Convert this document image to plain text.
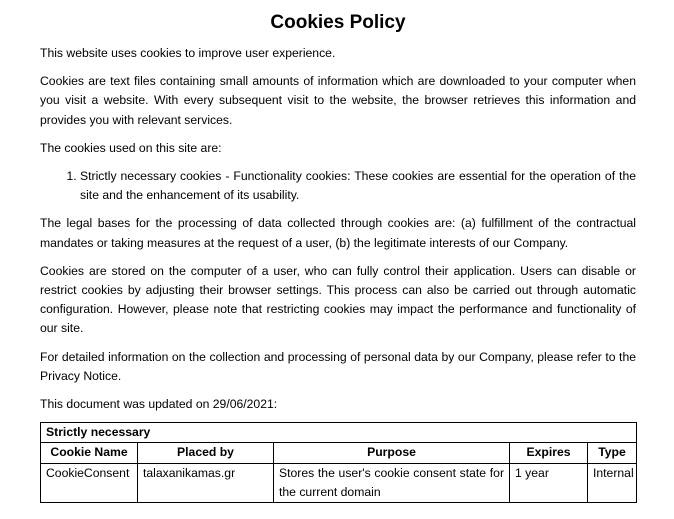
Cookies Policy

This website uses cookies to improve user experience.

Cookies are text files containing small amounts of information which are downloaded to your computer when you visit a website. With every subsequent visit to the website, the browser retrieves this information and provides you with relevant services.

The cookies used on this site are:

1. Strictly necessary cookies - Functionality cookies: These cookies are essential for the operation of the site and the enhancement of its usability.

The legal bases for the processing of data collected through cookies are: (a) fulfillment of the contractual mandates or taking measures at the request of a user, (b) the legitimate interests of our Company.

Cookies are stored on the computer of a user, who can fully control their application. Users can disable or restrict cookies by adjusting their browser settings. This process can also be carried out through automatic configuration. However, please note that restricting cookies may impact the performance and functionality of our site.

For detailed information on the collection and processing of personal data by our Company, please refer to the Privacy Notice.

This document was updated on 29/06/2021:

Strictly necessary				
Cookie Name	Placed by	Purpose	Expires	Type
CookieConsent	talaxanikamas.gr	Stores the user's cookie consent state for the current domain	1 year	Internal
